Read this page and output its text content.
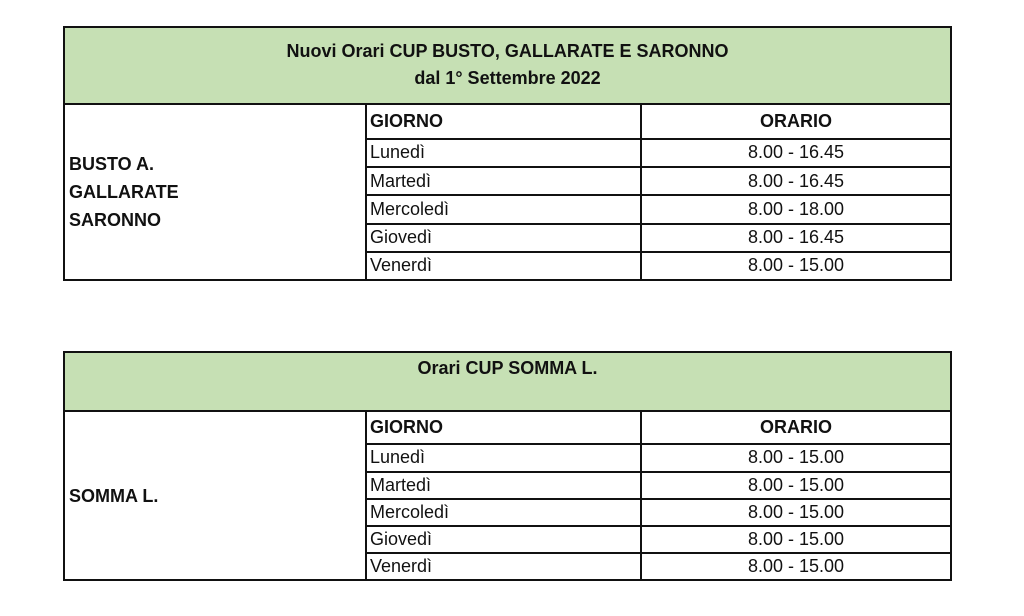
Nuovi Orari CUP BUSTO, GALLARATE E SARONNO
dal 1° Settembre 2022
BUSTO A.
GALLARATE
SARONNO
GIORNO	ORARIO
Lunedì	8.00 - 16.45
Martedì	8.00 - 16.45
Mercoledì	8.00 - 18.00
Giovedì	8.00 - 16.45
Venerdì	8.00 - 15.00
Orari CUP SOMMA L.
SOMMA L.
GIORNO	ORARIO
Lunedì	8.00 - 15.00
Martedì	8.00 - 15.00
Mercoledì	8.00 - 15.00
Giovedì	8.00 - 15.00
Venerdì	8.00 - 15.00
